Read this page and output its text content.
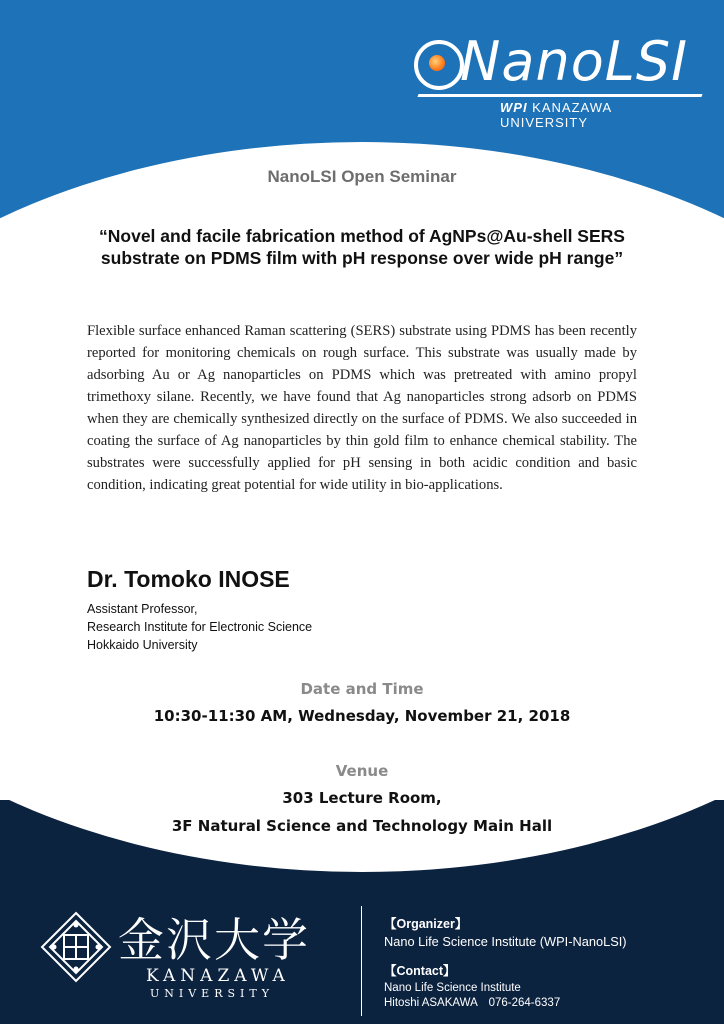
NanoLSI
WPI KANAZAWA UNIVERSITY
NanoLSI Open Seminar
“Novel and facile fabrication method of AgNPs@Au-shell SERS
substrate on PDMS film with pH response over wide pH range”
Flexible surface enhanced Raman scattering (SERS) substrate using PDMS has been recently reported for monitoring chemicals on rough surface. This substrate was usually made by adsorbing Au or Ag nanoparticles on PDMS which was pretreated with amino propyl trimethoxy silane. Recently, we have found that Ag nanoparticles strong adsorb on PDMS when they are chemically synthesized directly on the surface of PDMS. We also succeeded in coating the surface of Ag nanoparticles by thin gold film to enhance chemical stability. The substrates were successfully applied for pH sensing in both acidic condition and basic condition, indicating great potential for wide utility in bio-applications.
Dr. Tomoko INOSE
Assistant Professor,
Research Institute for Electronic Science
Hokkaido University
Date and Time
10:30-11:30 AM, Wednesday, November 21, 2018
Venue
303 Lecture Room,
3F Natural Science and Technology Main Hall
金沢大学
KANAZAWA
UNIVERSITY
【Organizer】
Nano Life Science Institute (WPI-NanoLSI)
【Contact】
Nano Life Science Institute
Hitoshi ASAKAWA　076-264-6337
